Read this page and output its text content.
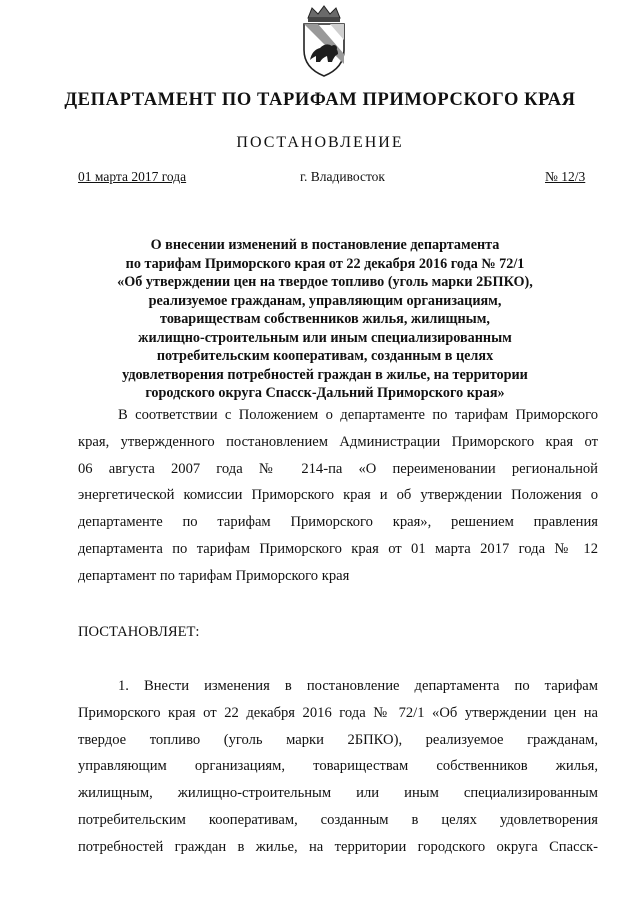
ДЕПАРТАМЕНТ ПО ТАРИФАМ ПРИМОРСКОГО КРАЯ
ПОСТАНОВЛЕНИЕ
01 марта 2017 года	г. Владивосток	№ 12/3
О внесении изменений в постановление департамента
по тарифам Приморского края от 22 декабря 2016 года № 72/1
«Об утверждении цен на твердое топливо (уголь марки 2БПКО),
реализуемое гражданам, управляющим организациям,
товариществам собственников жилья, жилищным,
жилищно-строительным или иным специализированным
потребительским кооперативам, созданным в целях
удовлетворения потребностей граждан в жилье, на территории
городского округа Спасск-Дальний Приморского края»
В соответствии с Положением о департаменте по тарифам Приморского
края, утвержденного постановлением Администрации Приморского края от
06 августа 2007 года № 214-па «О переименовании региональной
энергетической комиссии Приморского края и об утверждении Положения о
департаменте по тарифам Приморского края», решением правления
департамента по тарифам Приморского края от 01 марта 2017 года № 12
департамент по тарифам Приморского края
ПОСТАНОВЛЯЕТ:
1. Внести изменения в постановление департамента по тарифам
Приморского края от 22 декабря 2016 года № 72/1 «Об утверждении цен на
твердое топливо (уголь марки 2БПКО), реализуемое гражданам,
управляющим организациям, товариществам собственников жилья,
жилищным, жилищно-строительным или иным специализированным
потребительским кооперативам, созданным в целях удовлетворения
потребностей граждан в жилье, на территории городского округа Спасск-
